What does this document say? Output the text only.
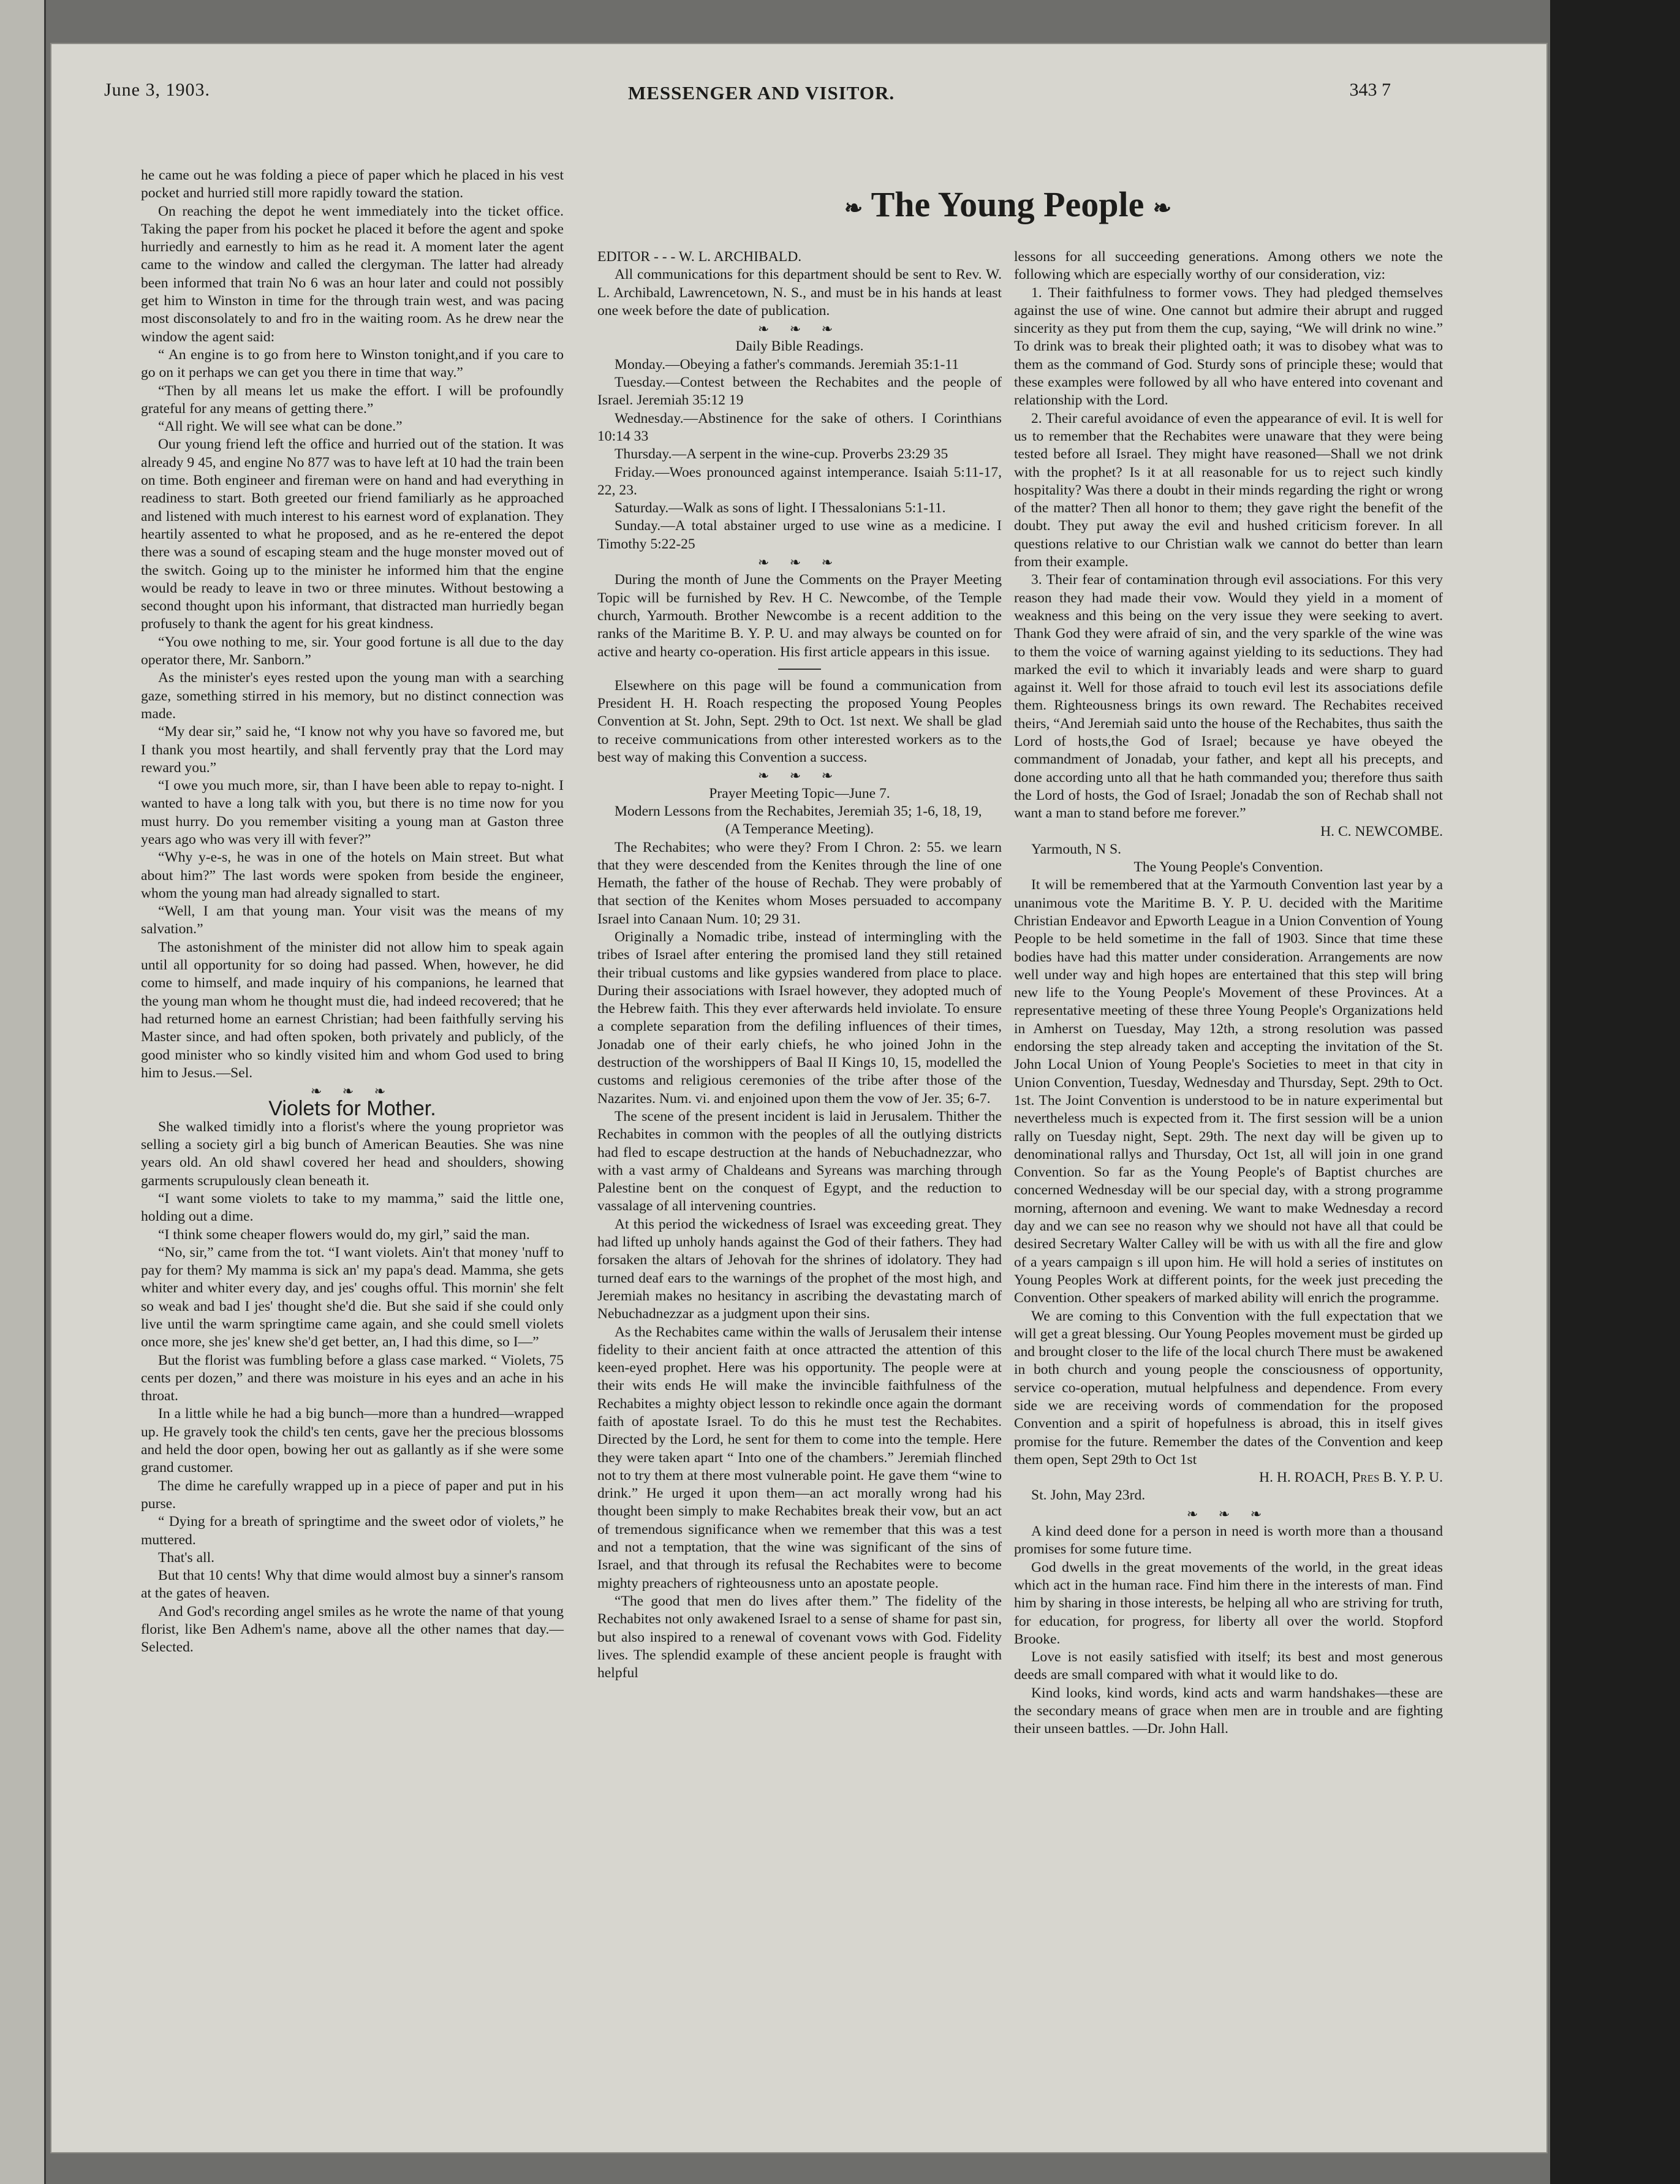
June 3, 1903.	MESSENGER AND VISITOR.	343 7
❧ The Young People ❧

he came out he was folding a piece of paper which he placed in his vest pocket and hurried still more rapidly toward the station.

On reaching the depot he went immediately into the ticket office. Taking the paper from his pocket he placed it before the agent and spoke hurriedly and earnestly to him as he read it. A moment later the agent came to the window and called the clergyman. The latter had already been informed that train No 6 was an hour later and could not possibly get him to Winston in time for the through train west, and was pacing most disconsolately to and fro in the waiting room. As he drew near the window the agent said:

“ An engine is to go from here to Winston tonight,and if you care to go on it perhaps we can get you there in time that way.”

“Then by all means let us make the effort. I will be profoundly grateful for any means of getting there.”

“All right. We will see what can be done.”

Our young friend left the office and hurried out of the station. It was already 9 45, and engine No 877 was to have left at 10 had the train been on time. Both engineer and fireman were on hand and had everything in readiness to start. Both greeted our friend familiarly as he approached and listened with much interest to his earnest word of explanation. They heartily assented to what he proposed, and as he re-entered the depot there was a sound of escaping steam and the huge monster moved out of the switch. Going up to the minister he informed him that the engine would be ready to leave in two or three minutes. Without bestowing a second thought upon his informant, that distracted man hurriedly began profusely to thank the agent for his great kindness.

“You owe nothing to me, sir. Your good fortune is all due to the day operator there, Mr. Sanborn.”

As the minister's eyes rested upon the young man with a searching gaze, something stirred in his memory, but no distinct connection was made.

“My dear sir,” said he, “I know not why you have so favored me, but I thank you most heartily, and shall fervently pray that the Lord may reward you.”

“I owe you much more, sir, than I have been able to repay to-night. I wanted to have a long talk with you, but there is no time now for you must hurry. Do you remember visiting a young man at Gaston three years ago who was very ill with fever?”

“Why y-e-s, he was in one of the hotels on Main street. But what about him?” The last words were spoken from beside the engineer, whom the young man had already signalled to start.

“Well, I am that young man. Your visit was the means of my salvation.”

The astonishment of the minister did not allow him to speak again until all opportunity for so doing had passed. When, however, he did come to himself, and made inquiry of his companions, he learned that the young man whom he thought must die, had indeed recovered; that he had returned home an earnest Christian; had been faithfully serving his Master since, and had often spoken, both privately and publicly, of the good minister who so kindly visited him and whom God used to bring him to Jesus.—Sel.

❧ ❧ ❧

Violets for Mother.

She walked timidly into a florist's where the young proprietor was selling a society girl a big bunch of American Beauties. She was nine years old. An old shawl covered her head and shoulders, showing garments scrupulously clean beneath it.

“I want some violets to take to my mamma,” said the little one, holding out a dime.

“I think some cheaper flowers would do, my girl,” said the man.

“No, sir,” came from the tot. “I want violets. Ain't that money 'nuff to pay for them? My mamma is sick an' my papa's dead. Mamma, she gets whiter and whiter every day, and jes' coughs offul. This mornin' she felt so weak and bad I jes' thought she'd die. But she said if she could only live until the warm springtime came again, and she could smell violets once more, she jes' knew she'd get better, an, I had this dime, so I—”

But the florist was fumbling before a glass case marked. “ Violets, 75 cents per dozen,” and there was moisture in his eyes and an ache in his throat.

In a little while he had a big bunch—more than a hundred—wrapped up. He gravely took the child's ten cents, gave her the precious blossoms and held the door open, bowing her out as gallantly as if she were some grand customer.

The dime he carefully wrapped up in a piece of paper and put in his purse.

“ Dying for a breath of springtime and the sweet odor of violets,” he muttered.

That's all.

But that 10 cents! Why that dime would almost buy a sinner's ransom at the gates of heaven.

And God's recording angel smiles as he wrote the name of that young florist, like Ben Adhem's name, above all the other names that day.—Selected.

EDITOR - - - W. L. ARCHIBALD.

All communications for this department should be sent to Rev. W. L. Archibald, Lawrencetown, N. S., and must be in his hands at least one week before the date of publication.

❧ ❧ ❧

Daily Bible Readings.

Monday.—Obeying a father's commands. Jeremiah 35:1-11

Tuesday.—Contest between the Rechabites and the people of Israel. Jeremiah 35:12 19

Wednesday.—Abstinence for the sake of others. I Corinthians 10:14 33

Thursday.—A serpent in the wine-cup. Proverbs 23:29 35

Friday.—Woes pronounced against intemperance. Isaiah 5:11-17, 22, 23.

Saturday.—Walk as sons of light. I Thessalonians 5:1-11.

Sunday.—A total abstainer urged to use wine as a medicine. I Timothy 5:22-25

❧ ❧ ❧

During the month of June the Comments on the Prayer Meeting Topic will be furnished by Rev. H C. Newcombe, of the Temple church, Yarmouth. Brother Newcombe is a recent addition to the ranks of the Maritime B. Y. P. U. and may always be counted on for active and hearty co-operation. His first article appears in this issue.

Elsewhere on this page will be found a communication from President H. H. Roach respecting the proposed Young Peoples Convention at St. John, Sept. 29th to Oct. 1st next. We shall be glad to receive communications from other interested workers as to the best way of making this Convention a success.

❧ ❧ ❧

Prayer Meeting Topic—June 7.

Modern Lessons from the Rechabites, Jeremiah 35; 1-6, 18, 19,

(A Temperance Meeting).

The Rechabites; who were they? From I Chron. 2: 55. we learn that they were descended from the Kenites through the line of one Hemath, the father of the house of Rechab. They were probably of that section of the Kenites whom Moses persuaded to accompany Israel into Canaan Num. 10; 29 31.

Originally a Nomadic tribe, instead of intermingling with the tribes of Israel after entering the promised land they still retained their tribual customs and like gypsies wandered from place to place. During their associations with Israel however, they adopted much of the Hebrew faith. This they ever afterwards held inviolate. To ensure a complete separation from the defiling influences of their times, Jonadab one of their early chiefs, he who joined John in the destruction of the worshippers of Baal II Kings 10, 15, modelled the customs and religious ceremonies of the tribe after those of the Nazarites. Num. vi. and enjoined upon them the vow of Jer. 35; 6-7.

The scene of the present incident is laid in Jerusalem. Thither the Rechabites in common with the peoples of all the outlying districts had fled to escape destruction at the hands of Nebuchadnezzar, who with a vast army of Chaldeans and Syreans was marching through Palestine bent on the conquest of Egypt, and the reduction to vassalage of all intervening countries.

At this period the wickedness of Israel was exceeding great. They had lifted up unholy hands against the God of their fathers. They had forsaken the altars of Jehovah for the shrines of idolatory. They had turned deaf ears to the warnings of the prophet of the most high, and Jeremiah makes no hesitancy in ascribing the devastating march of Nebuchadnezzar as a judgment upon their sins.

As the Rechabites came within the walls of Jerusalem their intense fidelity to their ancient faith at once attracted the attention of this keen-eyed prophet. Here was his opportunity. The people were at their wits ends He will make the invincible faithfulness of the Rechabites a mighty object lesson to rekindle once again the dormant faith of apostate Israel. To do this he must test the Rechabites. Directed by the Lord, he sent for them to come into the temple. Here they were taken apart “ Into one of the chambers.” Jeremiah flinched not to try them at there most vulnerable point. He gave them “wine to drink.” He urged it upon them—an act morally wrong had his thought been simply to make Rechabites break their vow, but an act of tremendous significance when we remember that this was a test and not a temptation, that the wine was significant of the sins of Israel, and that through its refusal the Rechabites were to become mighty preachers of righteousness unto an apostate people.

“The good that men do lives after them.” The fidelity of the Rechabites not only awakened Israel to a sense of shame for past sin, but also inspired to a renewal of covenant vows with God. Fidelity lives. The splendid example of these ancient people is fraught with helpful

lessons for all succeeding generations. Among others we note the following which are especially worthy of our consideration, viz:

1. Their faithfulness to former vows. They had pledged themselves against the use of wine. One cannot but admire their abrupt and rugged sincerity as they put from them the cup, saying, “We will drink no wine.” To drink was to break their plighted oath; it was to disobey what was to them as the command of God. Sturdy sons of principle these; would that these examples were followed by all who have entered into covenant and relationship with the Lord.

2. Their careful avoidance of even the appearance of evil. It is well for us to remember that the Rechabites were unaware that they were being tested before all Israel. They might have reasoned—Shall we not drink with the prophet? Is it at all reasonable for us to reject such kindly hospitality? Was there a doubt in their minds regarding the right or wrong of the matter? Then all honor to them; they gave right the benefit of the doubt. They put away the evil and hushed criticism forever. In all questions relative to our Christian walk we cannot do better than learn from their example.

3. Their fear of contamination through evil associations. For this very reason they had made their vow. Would they yield in a moment of weakness and this being on the very issue they were seeking to avert. Thank God they were afraid of sin, and the very sparkle of the wine was to them the voice of warning against yielding to its seductions. They had marked the evil to which it invariably leads and were sharp to guard against it. Well for those afraid to touch evil lest its associations defile them. Righteousness brings its own reward. The Rechabites received theirs, “And Jeremiah said unto the house of the Rechabites, thus saith the Lord of hosts,the God of Israel; because ye have obeyed the commandment of Jonadab, your father, and kept all his precepts, and done according unto all that he hath commanded you; therefore thus saith the Lord of hosts, the God of Israel; Jonadab the son of Rechab shall not want a man to stand before me forever.”

H. C. NEWCOMBE.

Yarmouth, N S.

The Young People's Convention.

It will be remembered that at the Yarmouth Convention last year by a unanimous vote the Maritime B. Y. P. U. decided with the Maritime Christian Endeavor and Epworth League in a Union Convention of Young People to be held sometime in the fall of 1903. Since that time these bodies have had this matter under consideration. Arrangements are now well under way and high hopes are entertained that this step will bring new life to the Young People's Movement of these Provinces. At a representative meeting of these three Young People's Organizations held in Amherst on Tuesday, May 12th, a strong resolution was passed endorsing the step already taken and accepting the invitation of the St. John Local Union of Young People's Societies to meet in that city in Union Convention, Tuesday, Wednesday and Thursday, Sept. 29th to Oct. 1st. The Joint Convention is understood to be in nature experimental but nevertheless much is expected from it. The first session will be a union rally on Tuesday night, Sept. 29th. The next day will be given up to denominational rallys and Thursday, Oct 1st, all will join in one grand Convention. So far as the Young People's of Baptist churches are concerned Wednesday will be our special day, with a strong programme morning, afternoon and evening. We want to make Wednesday a record day and we can see no reason why we should not have all that could be desired Secretary Walter Calley will be with us with all the fire and glow of a years campaign s ill upon him. He will hold a series of institutes on Young Peoples Work at different points, for the week just preceding the Convention. Other speakers of marked ability will enrich the programme.

We are coming to this Convention with the full expectation that we will get a great blessing. Our Young Peoples movement must be girded up and brought closer to the life of the local church There must be awakened in both church and young people the consciousness of opportunity, service co-operation, mutual helpfulness and dependence. From every side we are receiving words of commendation for the proposed Convention and a spirit of hopefulness is abroad, this in itself gives promise for the future. Remember the dates of the Convention and keep them open, Sept 29th to Oct 1st

H. H. ROACH, Pres B. Y. P. U.

St. John, May 23rd.

❧ ❧ ❧

A kind deed done for a person in need is worth more than a thousand promises for some future time.

God dwells in the great movements of the world, in the great ideas which act in the human race. Find him there in the interests of man. Find him by sharing in those interests, be helping all who are striving for truth, for education, for progress, for liberty all over the world. Stopford Brooke.

Love is not easily satisfied with itself; its best and most generous deeds are small compared with what it would like to do.

Kind looks, kind words, kind acts and warm handshakes—these are the secondary means of grace when men are in trouble and are fighting their unseen battles. —Dr. John Hall.
